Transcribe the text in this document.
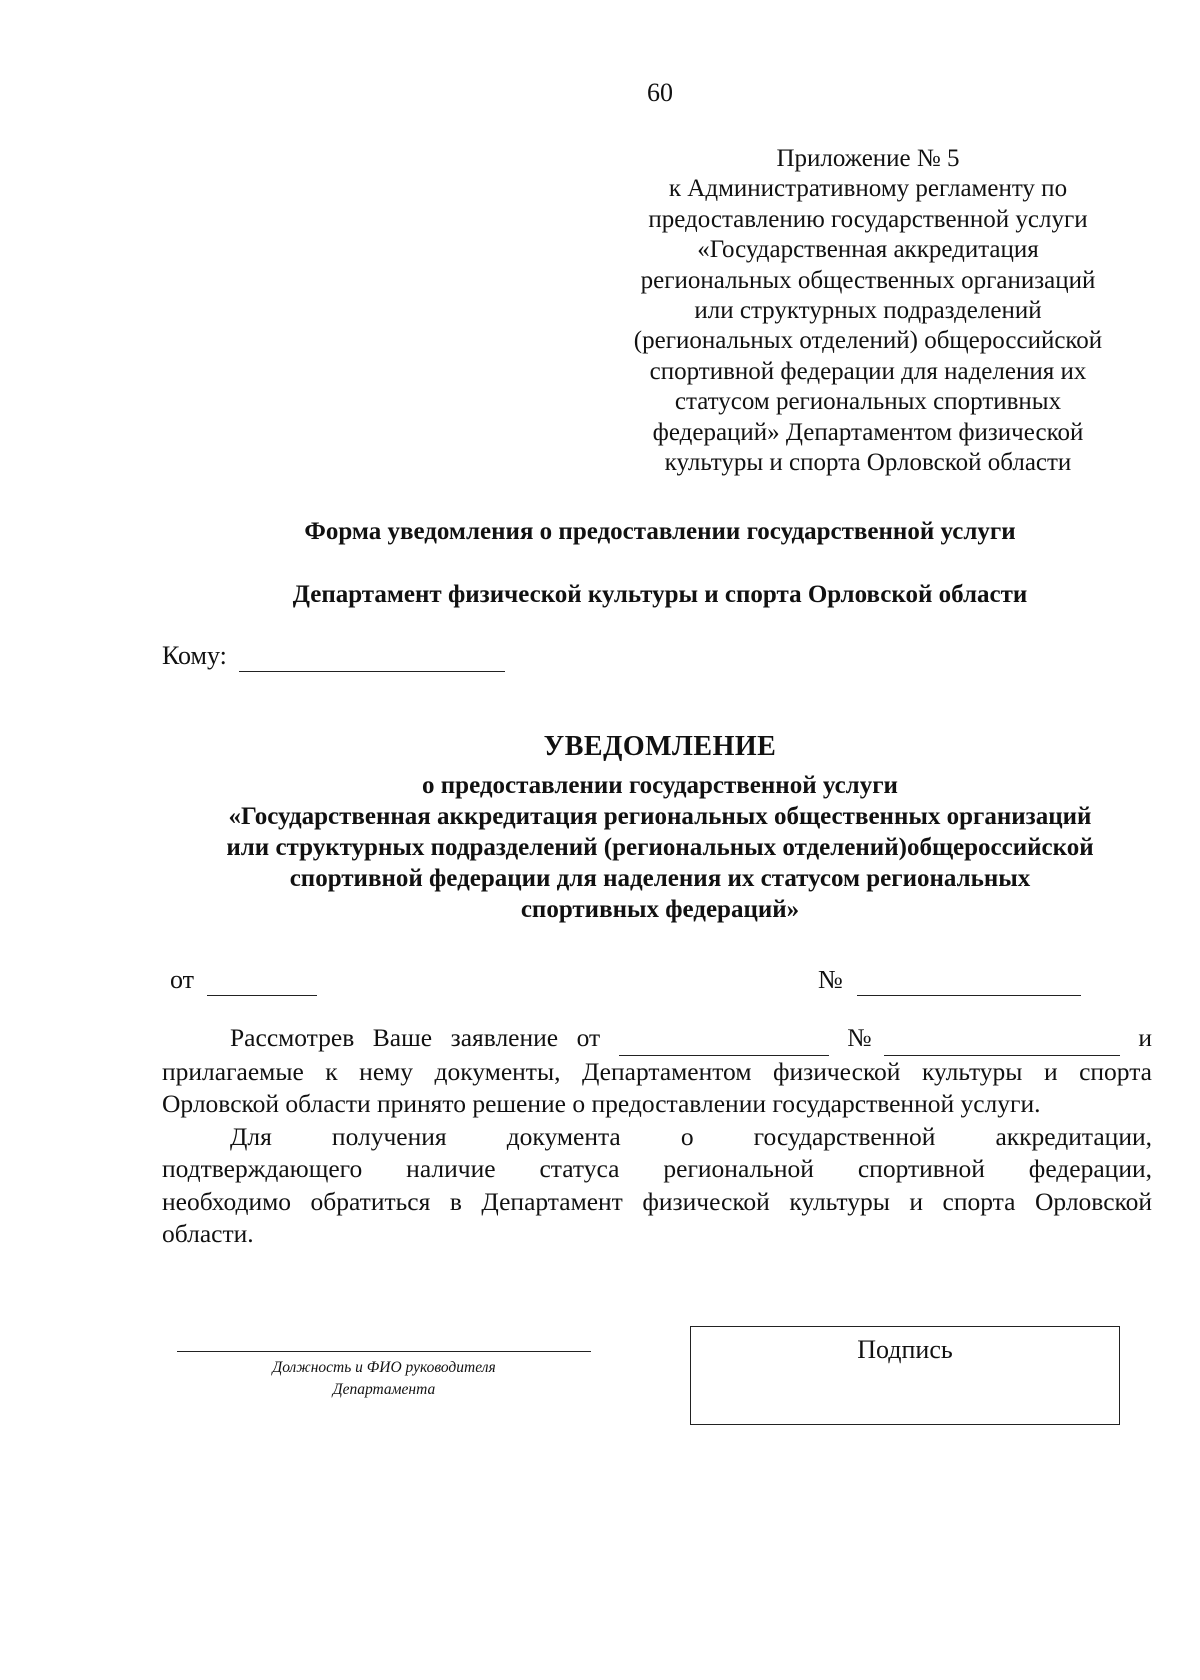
60
Приложение № 5
к Административному регламенту по
предоставлению государственной услуги
«Государственная аккредитация
региональных общественных организаций
или структурных подразделений
(региональных отделений) общероссийской
спортивной федерации для наделения их
статусом региональных спортивных
федераций» Департаментом физической
культуры и спорта Орловской области
Форма уведомления о предоставлении государственной услуги
Департамент физической культуры и спорта Орловской области
Кому:
УВЕДОМЛЕНИЕ
о предоставлении государственной услуги
«Государственная аккредитация региональных общественных организаций
или структурных подразделений (региональных отделений)общероссийской
спортивной федерации для наделения их статусом региональных
спортивных федераций»
от	№
Рассмотрев Ваше заявление от	№	и
прилагаемые к нему документы, Департаментом физической культуры и спорта
Орловской области принято решение о предоставлении государственной услуги.
Для получения документа о государственной аккредитации,
подтверждающего наличие статуса региональной спортивной федерации,
необходимо обратиться в Департамент физической культуры и спорта Орловской
области.
Должность и ФИО руководителя
Департамента
Подпись
